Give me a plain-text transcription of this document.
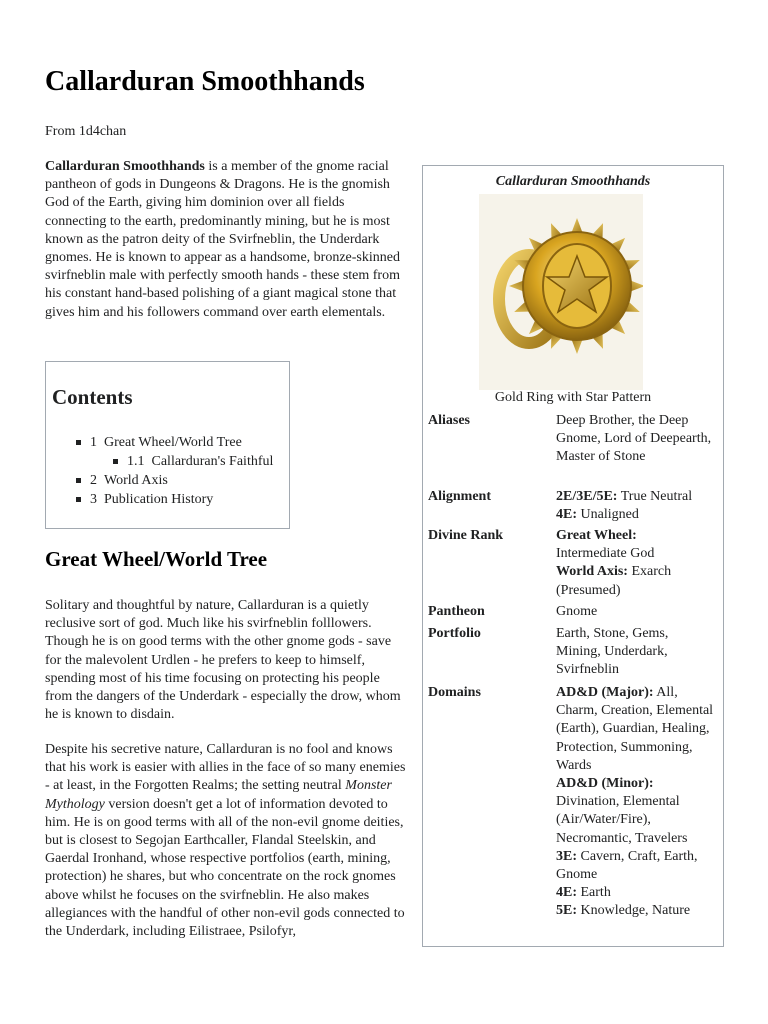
Callarduran Smoothhands
From 1d4chan

Callarduran Smoothhands is a member of the gnome racial pantheon of gods in Dungeons & Dragons. He is the gnomish God of the Earth, giving him dominion over all fields connecting to the earth, predominantly mining, but he is most known as the patron deity of the Svirfneblin, the Underdark gnomes. He is known to appear as a handsome, bronze-skinned svirfneblin male with perfectly smooth hands - these stem from his constant hand-based polishing of a giant magical stone that gives him and his followers command over earth elementals.

Contents
1 Great Wheel/World Tree
1.1 Callarduran's Faithful
2 World Axis
3 Publication History
Great Wheel/World Tree

Solitary and thoughtful by nature, Callarduran is a quietly reclusive sort of god. Much like his svirfneblin folllowers. Though he is on good terms with the other gnome gods - save for the malevolent Urdlen - he prefers to keep to himself, spending most of his time focusing on protecting his people from the dangers of the Underdark - especially the drow, whom he is known to disdain.

Despite his secretive nature, Callarduran is no fool and knows that his work is easier with allies in the face of so many enemies - at least, in the Forgotten Realms; the setting neutral Monster Mythology version doesn't get a lot of information devoted to him. He is on good terms with all of the non-evil gnome deities, but is closest to Segojan Earthcaller, Flandal Steelskin, and Gaerdal Ironhand, whose respective portfolios (earth, mining, protection) he shares, but who concentrate on the rock gnomes above whilst he focuses on the svirfneblin. He also makes allegiances with the handful of other non-evil gods connected to the Underdark, including Eilistraee, Psilofyr,

Callarduran Smoothhands
Gold Ring with Star Pattern
Aliases	Deep Brother, the Deep Gnome, Lord of Deepearth, Master of Stone
Alignment	2E/3E/5E: True Neutral
4E: Unaligned
Divine Rank	Great Wheel:
Intermediate God
World Axis: Exarch (Presumed)
Pantheon	Gnome
Portfolio	Earth, Stone, Gems, Mining, Underdark, Svirfneblin
Domains	AD&D (Major): All, Charm, Creation, Elemental (Earth), Guardian, Healing, Protection, Summoning, Wards
AD&D (Minor):
Divination, Elemental (Air/Water/Fire), Necromantic, Travelers
3E: Cavern, Craft, Earth, Gnome
4E: Earth
5E: Knowledge, Nature
